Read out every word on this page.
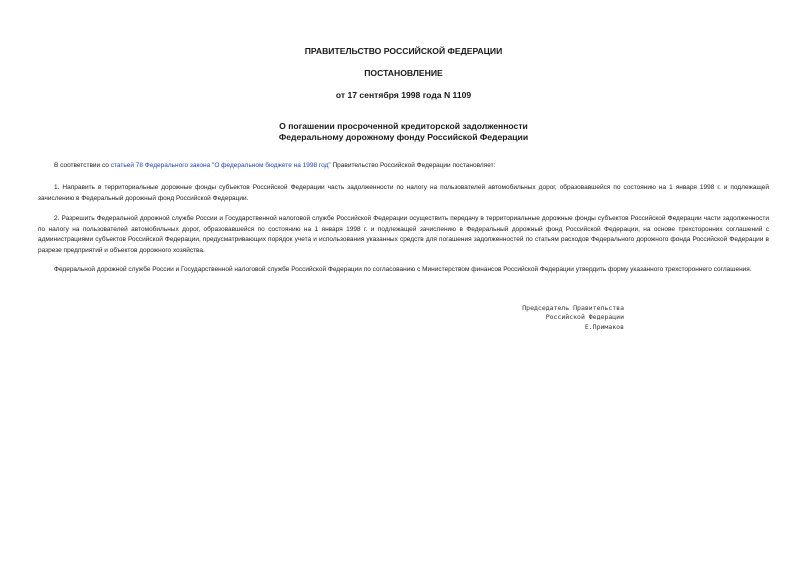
ПРАВИТЕЛЬСТВО РОССИЙСКОЙ ФЕДЕРАЦИИ
ПОСТАНОВЛЕНИЕ
от 17 сентября 1998 года N 1109
О погашении просроченной кредиторской задолженности
Федеральному дорожному фонду Российской Федерации

В соответствии со статьей 78 Федерального закона "О федеральном бюджете на 1998 год" Правительство Российской Федерации постановляет:

1. Направить в территориальные дорожные фонды субъектов Российской Федерации часть задолженности по налогу на пользователей автомобильных дорог, образовавшейся по состоянию на 1 января 1998 г. и подлежащей зачислению в Федеральный дорожный фонд Российской Федерации.

2. Разрешить Федеральной дорожной службе России и Государственной налоговой службе Российской Федерации осуществить передачу в территориальные дорожные фонды субъектов Российской Федерации части задолженности по налогу на пользователей автомобильных дорог, образовавшейся по состоянию на 1 января 1998 г. и подлежащей зачислению в Федеральный дорожный фонд Российской Федерации, на основе трехсторонних соглашений с администрациями субъектов Российской Федерации, предусматривающих порядок учета и использования указанных средств для погашения задолженностей по статьям расходов Федерального дорожного фонда Российской Федерации в разрезе предприятий и объектов дорожного хозяйства.

Федеральной дорожной службе России и Государственной налоговой службе Российской Федерации по согласованию с Министерством финансов Российской Федерации утвердить форму указанного трехстороннего соглашения.

Председатель Правительства
Российской Федерации
Е.Примаков
